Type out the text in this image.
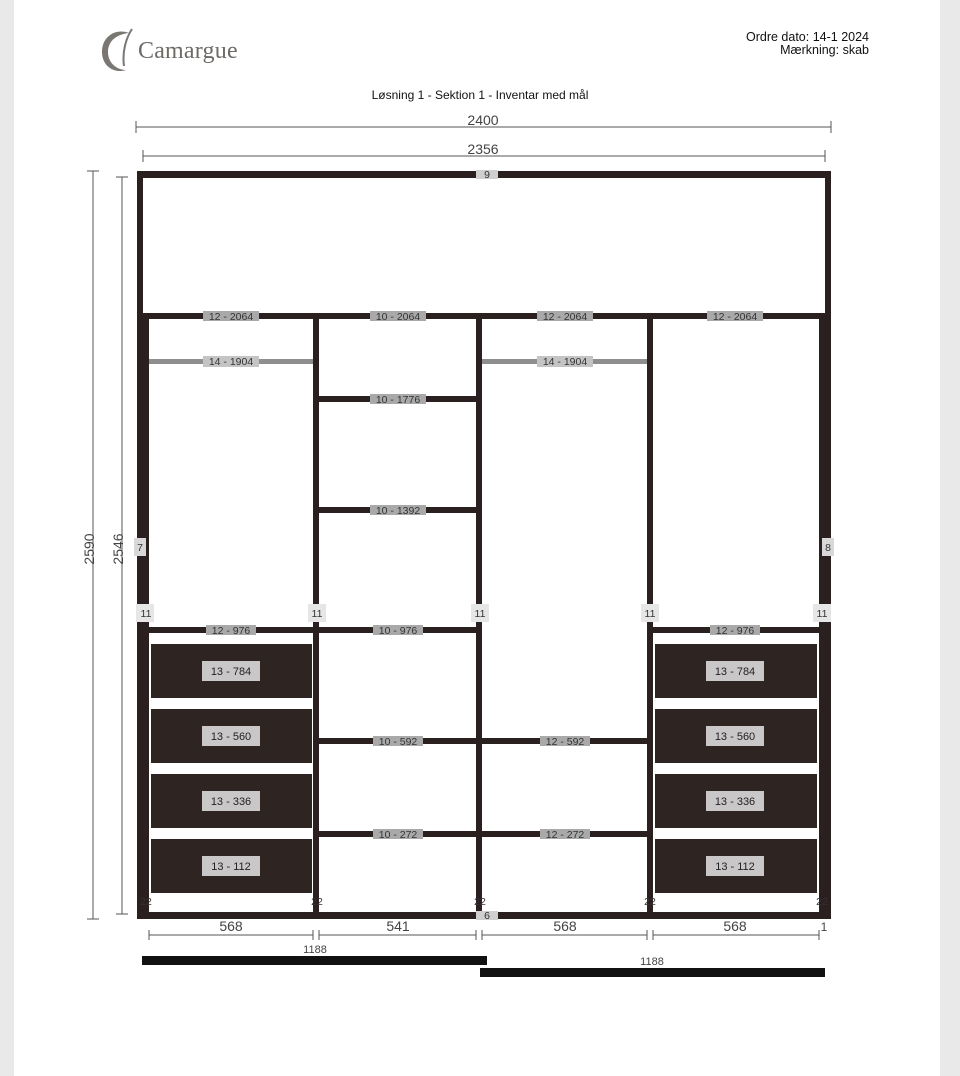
Camargue
Ordre dato: 14-1 2024
Mærkning: skab
Løsning 1 - Sektion 1 - Inventar med mål
2400
2356
2590 2546
9
6
7	8
11	11	11	11	11
22	22	22	22	22
12 - 2064	10 - 2064	12 - 2064	12 - 2064
14 - 1904	14 - 1904
10 - 1776
10 - 1392
10 - 976
10 - 592
10 - 272
12 - 592
12 - 272
12 - 976
13 - 784
13 - 560
13 - 336
13 - 112
12 - 976
13 - 784
13 - 560
13 - 336
13 - 112
568	541	568	568	1
1188
1188
